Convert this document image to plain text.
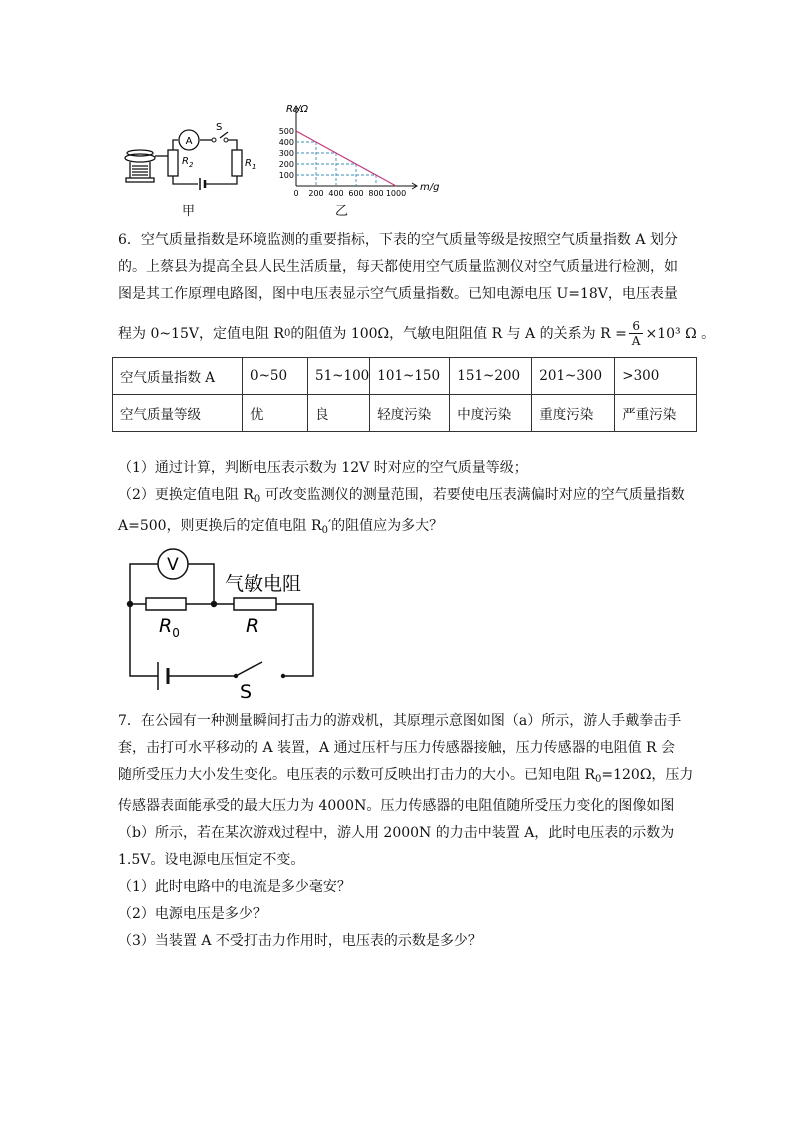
$R_2$
A
S
$R_1$
甲
R₂/Ω
m/g
500
400
300
200
100
0 200 400 600 800 1000
乙
6．空气质量指数是环境监测的重要指标，下表的空气质量等级是按照空气质量指数 A 划分
的。上蔡县为提高全县人民生活质量，每天都使用空气质量监测仪对空气质量进行检测，如
图是其工作原理电路图，图中电压表显示空气质量指数。已知电源电压 U=18V，电压表量
程为 0~15V，定值电阻 R 0 的阻值为 100Ω，气敏电阻阻值 R 与 A 的关系为 $R = \frac{6}{A} \times 10^3$ Ω 。
空气质量指数 A	0~50	51~100	101~150	151~200	201~300	>300
空气质量等级	优	良	轻度污染	中度污染	重度污染	严重污染
（1）通过计算，判断电压表示数为 12V 时对应的空气质量等级；
（2）更换定值电阻 $R_0$ 可改变监测仪的测量范围，若要使电压表满偏时对应的空气质量指数
A=500，则更换后的定值电阻 $R_0'$的阻值应为多大？
V
气敏电阻
$R_0$	R
S
7．在公园有一种测量瞬间打击力的游戏机，其原理示意图如图（a）所示，游人手戴拳击手
套，击打可水平移动的 A 装置，A 通过压杆与压力传感器接触，压力传感器的电阻值 R 会
随所受压力大小发生变化。电压表的示数可反映出打击力的大小。已知电阻 $R_0=120\Omega$，压力
传感器表面能承受的最大压力为 4000N。压力传感器的电阻值随所受压力变化的图像如图
（b）所示，若在某次游戏过程中，游人用 2000N 的力击中装置 A，此时电压表的示数为
1.5V。设电源电压恒定不变。
（1）此时电路中的电流是多少毫安？
（2）电源电压是多少？
（3）当装置 A 不受打击力作用时，电压表的示数是多少？
